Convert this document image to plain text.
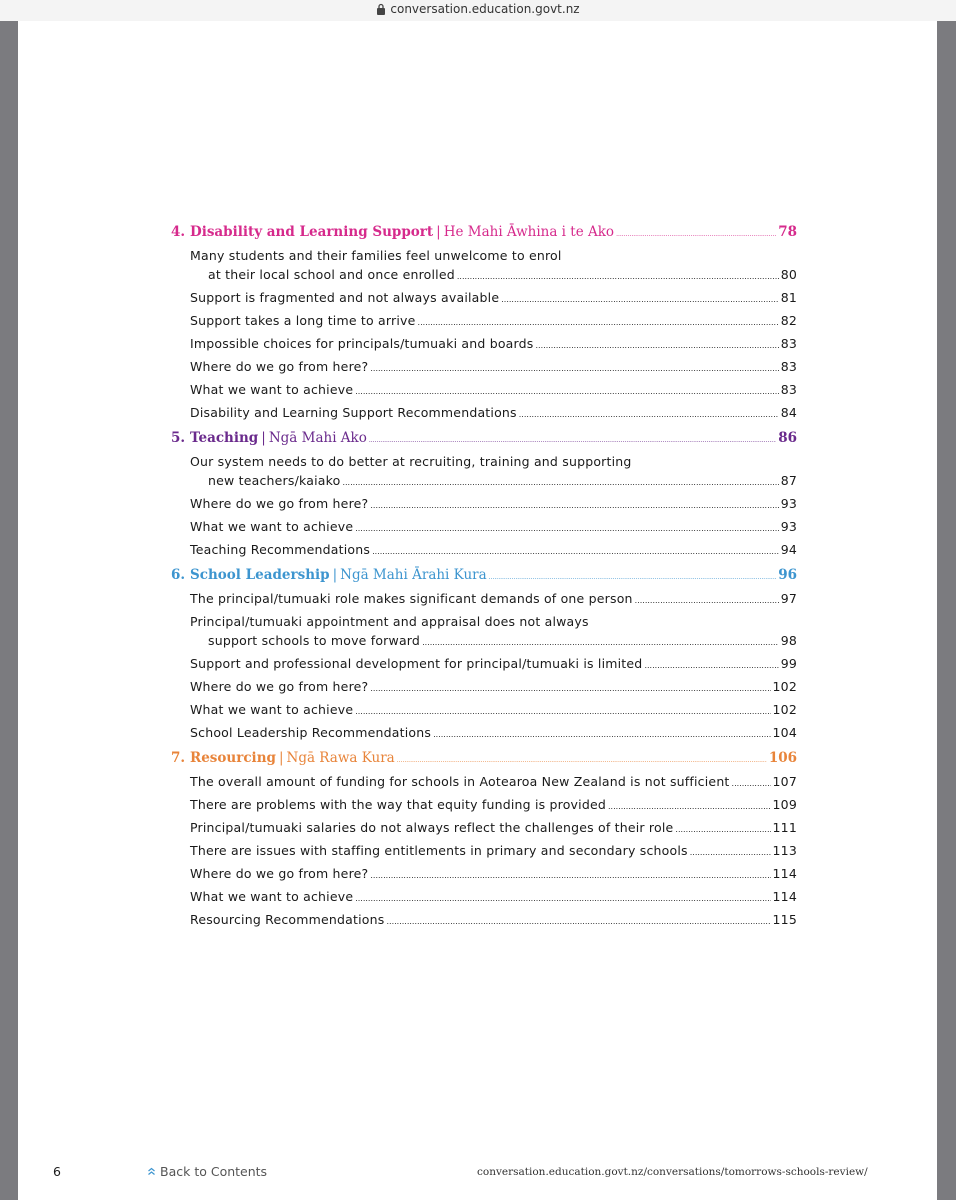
conversation.education.govt.nz
4. Disability and Learning Support | He Mahi Āwhina i te Ako .....	78
Many students and their families feel unwelcome to enrol
at their local school and once enrolled .....	80
Support is fragmented and not always available .....	81
Support takes a long time to arrive .....	82
Impossible choices for principals/tumuaki and boards .....	83
Where do we go from here? .....	83
What we want to achieve .....	83
Disability and Learning Support Recommendations .....	84
5. Teaching | Ngā Mahi Ako .....	86
Our system needs to do better at recruiting, training and supporting
new teachers/kaiako .....	87
Where do we go from here? .....	93
What we want to achieve .....	93
Teaching Recommendations .....	94
6. School Leadership | Ngā Mahi Ārahi Kura .....	96
The principal/tumuaki role makes significant demands of one person .....	97
Principal/tumuaki appointment and appraisal does not always
support schools to move forward .....	98
Support and professional development for principal/tumuaki is limited .....	99
Where do we go from here? .....	102
What we want to achieve .....	102
School Leadership Recommendations .....	104
7. Resourcing | Ngā Rawa Kura .....	106
The overall amount of funding for schools in Aotearoa New Zealand is not sufficient .....	107
There are problems with the way that equity funding is provided .....	109
Principal/tumuaki salaries do not always reflect the challenges of their role .....	111
There are issues with staffing entitlements in primary and secondary schools .....	113
Where do we go from here? .....	114
What we want to achieve .....	114
Resourcing Recommendations .....	115
6	Back to Contents	conversation.education.govt.nz/conversations/tomorrows-schools-review/
